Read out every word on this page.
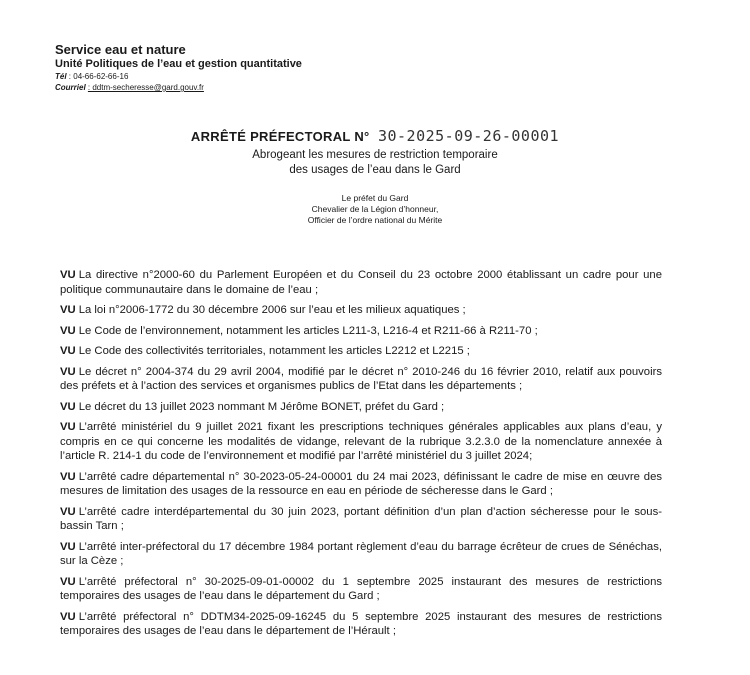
Service eau et nature
Unité Politiques de l’eau et gestion quantitative
Tél : 04-66-62-66-16
Courriel : ddtm-secheresse@gard.gouv.fr
ARRÊTÉ PRÉFECTORAL N° 30-2025-09-26-00001
Abrogeant les mesures de restriction temporaire
des usages de l’eau dans le Gard
Le préfet du Gard
Chevalier de la Légion d’honneur,
Officier de l’ordre national du Mérite

VU La directive n°2000-60 du Parlement Européen et du Conseil du 23 octobre 2000 établissant un cadre pour une politique communautaire dans le domaine de l’eau ;

VU La loi n°2006-1772 du 30 décembre 2006 sur l’eau et les milieux aquatiques ;

VU Le Code de l’environnement, notamment les articles L211-3, L216-4 et R211-66 à R211-70 ;

VU Le Code des collectivités territoriales, notamment les articles L2212 et L2215 ;

VU Le décret n° 2004-374 du 29 avril 2004, modifié par le décret n° 2010-246 du 16 février 2010, relatif aux pouvoirs des préfets et à l’action des services et organismes publics de l’Etat dans les départements ;

VU Le décret du 13 juillet 2023 nommant M Jérôme BONET, préfet du Gard ;

VU L’arrêté ministériel du 9 juillet 2021 fixant les prescriptions techniques générales applicables aux plans d’eau, y compris en ce qui concerne les modalités de vidange, relevant de la rubrique 3.2.3.0 de la nomenclature annexée à l’article R. 214-1 du code de l’environnement et modifié par l’arrêté ministériel du 3 juillet 2024;

VU L’arrêté cadre départemental n° 30-2023-05-24-00001 du 24 mai 2023, définissant le cadre de mise en œuvre des mesures de limitation des usages de la ressource en eau en période de sécheresse dans le Gard ;

VU L’arrêté cadre interdépartemental du 30 juin 2023, portant définition d’un plan d’action sécheresse pour le sous-bassin Tarn ;

VU L’arrêté inter-préfectoral du 17 décembre 1984 portant règlement d’eau du barrage écrêteur de crues de Sénéchas, sur la Cèze ;

VU L’arrêté préfectoral n° 30-2025-09-01-00002 du 1 septembre 2025 instaurant des mesures de restrictions temporaires des usages de l’eau dans le département du Gard ;

VU L’arrêté préfectoral n° DDTM34-2025-09-16245 du 5 septembre 2025 instaurant des mesures de restrictions temporaires des usages de l’eau dans le département de l’Hérault ;
